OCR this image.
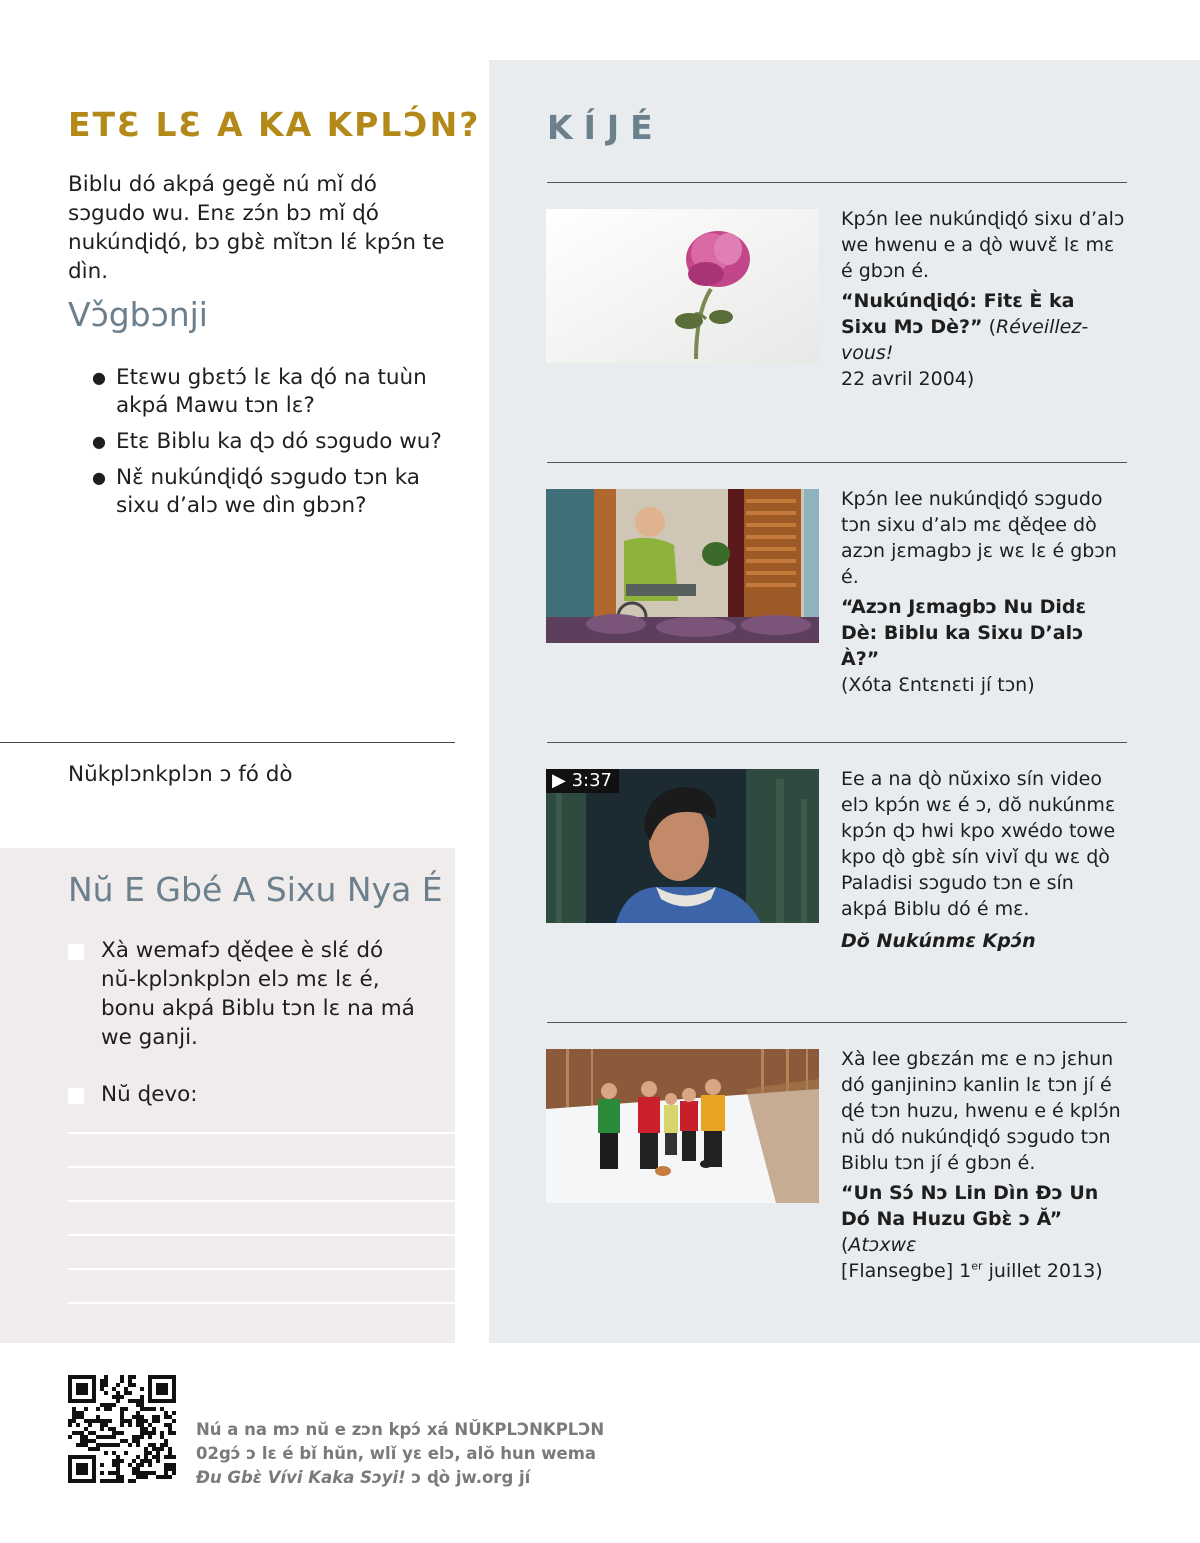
ETƐ LƐ A KA KPLƆ́N?

Biblu dó akpá gegě nú mǐ dó sɔgudo wu. Enɛ zɔ́n bɔ mǐ ɖó nukúnɖiɖó, bɔ gbɛ̀ mǐtɔn lɛ́ kpɔ́n te dìn.

Vɔ̌gbɔnji
● Etɛwu gbɛtɔ́ lɛ ka ɖó na tuùn akpá Mawu tɔn lɛ?
● Etɛ Biblu ka ɖɔ dó sɔgudo wu?
● Nɛ̌ nukúnɖiɖó sɔgudo tɔn ka sixu d’alɔ we dìn gbɔn?
Nŭkplɔnkplɔn ɔ fó dò
Nŭ E Gbé A Sixu Nya É
Xà wemafɔ ɖěɖee è slɛ́ dó nŭ-kplɔnkplɔn elɔ mɛ lɛ é, bonu akpá Biblu tɔn lɛ na má we ganji.
Nŭ ɖevo:
KÍJÉ

Kpɔ́n lee nukúnɖiɖó sixu d’alɔ we hwenu e a ɖò wuvɛ̌ lɛ mɛ é gbɔn é.

“Nukúnɖiɖó: Fitɛ È ka Sixu Mɔ Dè?” (Réveillez-vous!
22 avril 2004)

Kpɔ́n lee nukúnɖiɖó sɔgudo tɔn sixu d’alɔ mɛ ɖěɖee dò azɔn jɛmagbɔ jɛ wɛ lɛ é gbɔn é.

“Azɔn Jɛmagbɔ Nu Didɛ Dè: Biblu ka Sixu D’alɔ À?”
(Xóta Ɛntɛnɛti jí tɔn)

▶ 3:37	Ee a na ɖò nŭxixo sín video elɔ kpɔ́n wɛ é ɔ, dŏ nukúnmɛ kpɔ́n ɖɔ hwi kpo xwédo towe kpo ɖò gbɛ̀ sín vivǐ ɖu wɛ ɖò Paladisi sɔgudo tɔn e sín akpá Biblu dó é mɛ.

Dŏ Nukúnmɛ Kpɔ́n

Xà lee gbɛzán mɛ e nɔ jɛhun dó ganjininɔ kanlin lɛ tɔn jí é ɖé tɔn huzu, hwenu e é kplɔ́n nŭ dó nukúnɖiɖó sɔgudo tɔn Biblu tɔn jí é gbɔn é.

“Un Sɔ́ Nɔ Lin Dìn Ɖɔ Un Dó Na Huzu Gbɛ̀ ɔ Ă” (Atɔxwɛ
[Flansegbe] 1er juillet 2013)

Nú a na mɔ nŭ e zɔn kpɔ́ xá NŬKPLƆNKPLƆN
02gɔ́ ɔ lɛ é bǐ hŭn, wlǐ yɛ elɔ, alŏ hun wema
Ɖu Gbɛ̀ Vívi Kaka Sɔyi! ɔ ɖò jw.org jí
